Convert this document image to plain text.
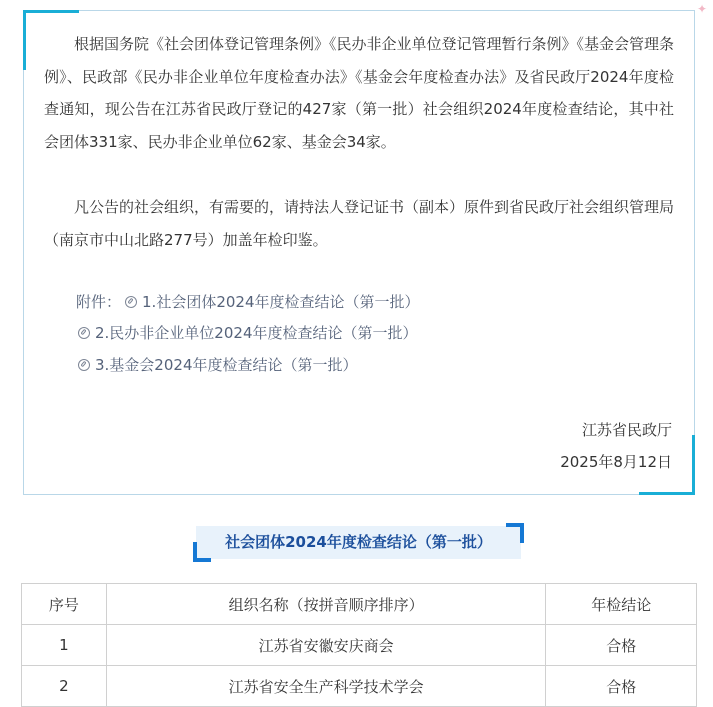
根据国务院《社会团体登记管理条例》《民办非企业单位登记管理暂行条例》《基金会管理条例》、民政部《民办非企业单位年度检查办法》《基金会年度检查办法》及省民政厅2024年度检查通知，现公告在江苏省民政厅登记的427家（第一批）社会组织2024年度检查结论，其中社会团体331家、民办非企业单位62家、基金会34家。

凡公告的社会组织，有需要的，请持法人登记证书（副本）原件到省民政厅社会组织管理局（南京市中山北路277号）加盖年检印鉴。

附件： 1.社会团体2024年度检查结论（第一批）
2.民办非企业单位2024年度检查结论（第一批）
3.基金会2024年度检查结论（第一批）
江苏省民政厅
2025年8月12日
✦
社会团体2024年度检查结论（第一批）
序号	组织名称（按拼音顺序排序）	年检结论
1	江苏省安徽安庆商会	合格
2	江苏省安全生产科学技术学会	合格
